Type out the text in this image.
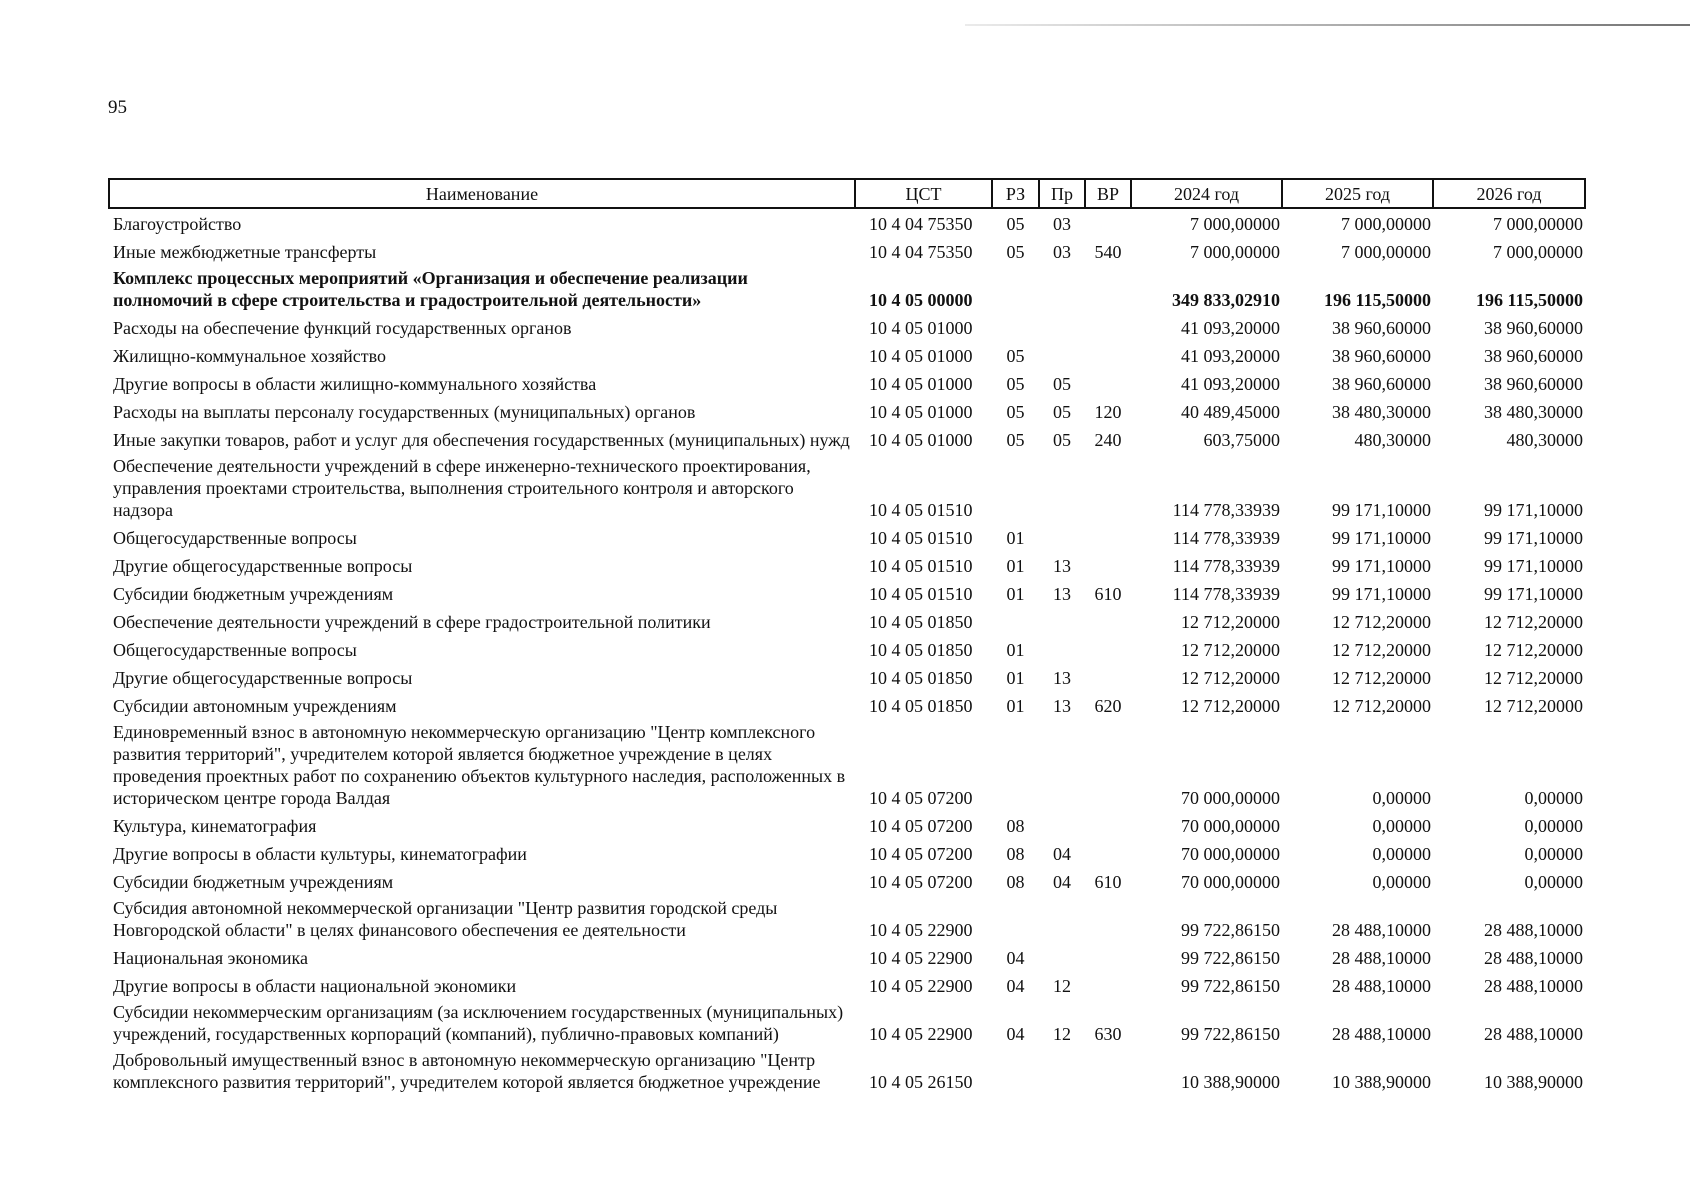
95
Наименование	ЦСТ	РЗ	Пр	ВР	2024 год	2025 год	2026 год
Благоустройство	10 4 04 75350	05	03		7 000,00000	7 000,00000	7 000,00000
Иные межбюджетные трансферты	10 4 04 75350	05	03	540	7 000,00000	7 000,00000	7 000,00000
Комплекс процессных мероприятий «Организация и обеспечение реализации полномочий в сфере строительства и градостроительной деятельности»	10 4 05 00000				349 833,02910	196 115,50000	196 115,50000
Расходы на обеспечение функций государственных органов	10 4 05 01000				41 093,20000	38 960,60000	38 960,60000
Жилищно-коммунальное хозяйство	10 4 05 01000	05			41 093,20000	38 960,60000	38 960,60000
Другие вопросы в области жилищно-коммунального хозяйства	10 4 05 01000	05	05		41 093,20000	38 960,60000	38 960,60000
Расходы на выплаты персоналу государственных (муниципальных) органов	10 4 05 01000	05	05	120	40 489,45000	38 480,30000	38 480,30000
Иные закупки товаров, работ и услуг для обеспечения государственных (муниципальных) нужд	10 4 05 01000	05	05	240	603,75000	480,30000	480,30000
Обеспечение деятельности учреждений в сфере инженерно-технического проектирования, управления проектами строительства, выполнения строительного контроля и авторского надзора	10 4 05 01510				114 778,33939	99 171,10000	99 171,10000
Общегосударственные вопросы	10 4 05 01510	01			114 778,33939	99 171,10000	99 171,10000
Другие общегосударственные вопросы	10 4 05 01510	01	13		114 778,33939	99 171,10000	99 171,10000
Субсидии бюджетным учреждениям	10 4 05 01510	01	13	610	114 778,33939	99 171,10000	99 171,10000
Обеспечение деятельности учреждений в сфере градостроительной политики	10 4 05 01850				12 712,20000	12 712,20000	12 712,20000
Общегосударственные вопросы	10 4 05 01850	01			12 712,20000	12 712,20000	12 712,20000
Другие общегосударственные вопросы	10 4 05 01850	01	13		12 712,20000	12 712,20000	12 712,20000
Субсидии автономным учреждениям	10 4 05 01850	01	13	620	12 712,20000	12 712,20000	12 712,20000
Единовременный взнос в автономную некоммерческую организацию "Центр комплексного развития территорий", учредителем которой является бюджетное учреждение в целях проведения проектных работ по сохранению объектов культурного наследия, расположенных в историческом центре города Валдая	10 4 05 07200				70 000,00000	0,00000	0,00000
Культура, кинематография	10 4 05 07200	08			70 000,00000	0,00000	0,00000
Другие вопросы в области культуры, кинематографии	10 4 05 07200	08	04		70 000,00000	0,00000	0,00000
Субсидии бюджетным учреждениям	10 4 05 07200	08	04	610	70 000,00000	0,00000	0,00000
Субсидия автономной некоммерческой организации "Центр развития городской среды Новгородской области" в целях финансового обеспечения ее деятельности	10 4 05 22900				99 722,86150	28 488,10000	28 488,10000
Национальная экономика	10 4 05 22900	04			99 722,86150	28 488,10000	28 488,10000
Другие вопросы в области национальной экономики	10 4 05 22900	04	12		99 722,86150	28 488,10000	28 488,10000
Субсидии некоммерческим организациям (за исключением государственных (муниципальных) учреждений, государственных корпораций (компаний), публично-правовых компаний)	10 4 05 22900	04	12	630	99 722,86150	28 488,10000	28 488,10000
Добровольный имущественный взнос в автономную некоммерческую организацию "Центр комплексного развития территорий", учредителем которой является бюджетное учреждение	10 4 05 26150				10 388,90000	10 388,90000	10 388,90000
